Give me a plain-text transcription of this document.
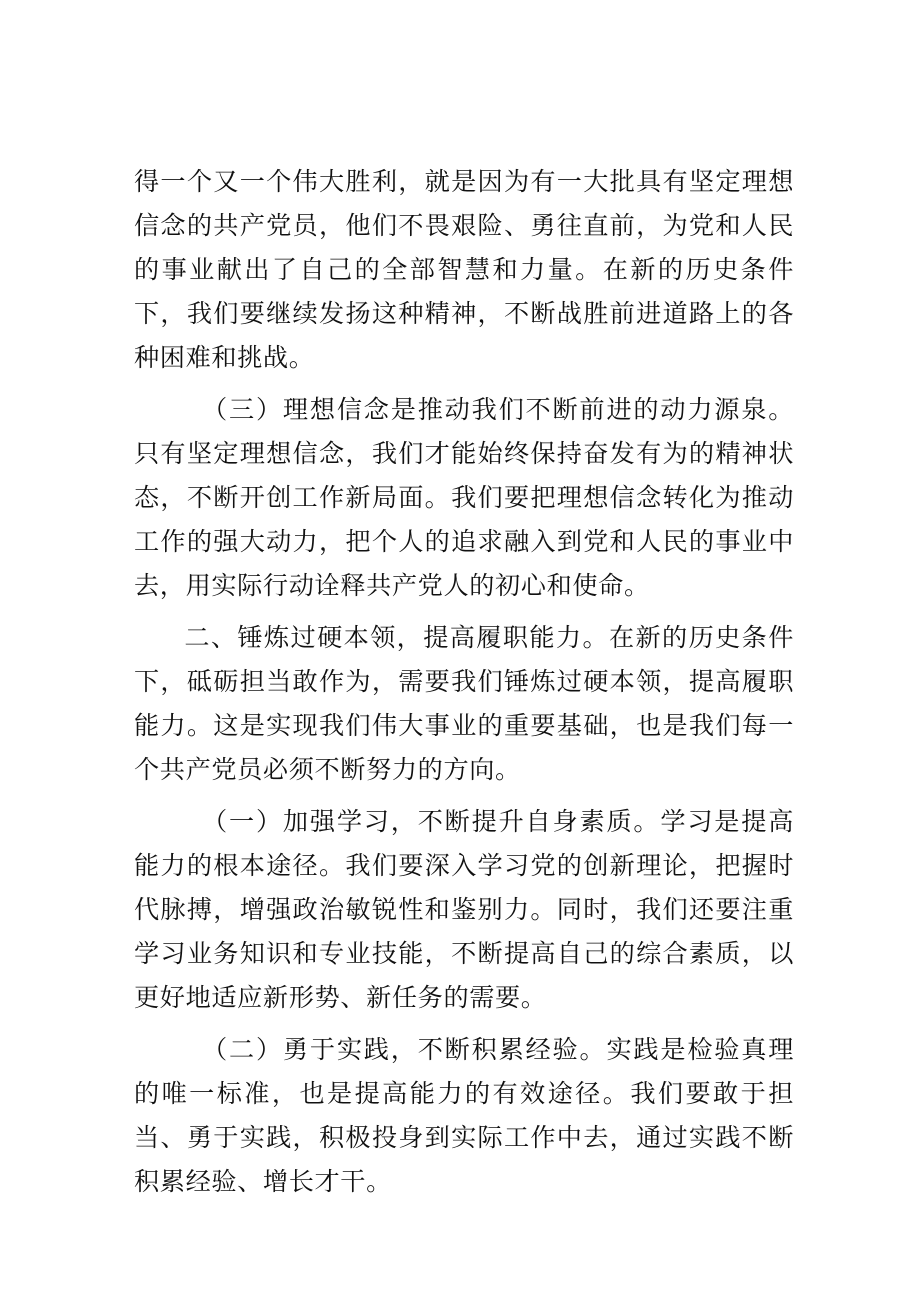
得一个又一个伟大胜利，就是因为有一大批具有坚定理想信念的共产党员，他们不畏艰险、勇往直前，为党和人民的事业献出了自己的全部智慧和力量。在新的历史条件下，我们要继续发扬这种精神，不断战胜前进道路上的各种困难和挑战。

（三）理想信念是推动我们不断前进的动力源泉。只有坚定理想信念，我们才能始终保持奋发有为的精神状态，不断开创工作新局面。我们要把理想信念转化为推动工作的强大动力，把个人的追求融入到党和人民的事业中去，用实际行动诠释共产党人的初心和使命。

二、锤炼过硬本领，提高履职能力。在新的历史条件下，砥砺担当敢作为，需要我们锤炼过硬本领，提高履职能力。这是实现我们伟大事业的重要基础，也是我们每一个共产党员必须不断努力的方向。

（一）加强学习，不断提升自身素质。学习是提高能力的根本途径。我们要深入学习党的创新理论，把握时代脉搏，增强政治敏锐性和鉴别力。同时，我们还要注重学习业务知识和专业技能，不断提高自己的综合素质，以更好地适应新形势、新任务的需要。

（二）勇于实践，不断积累经验。实践是检验真理的唯一标准，也是提高能力的有效途径。我们要敢于担当、勇于实践，积极投身到实际工作中去，通过实践不断积累经验、增长才干。
